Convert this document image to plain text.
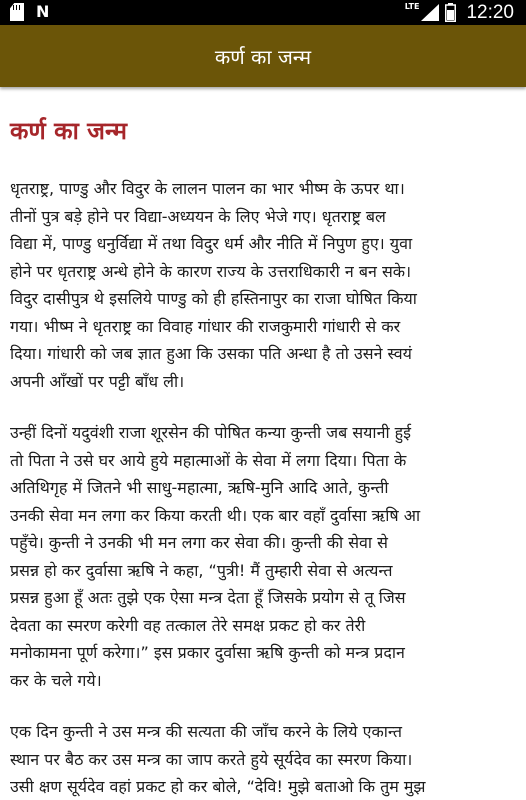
N	LTE 12:20
कर्ण का जन्म
कर्ण का जन्म

धृतराष्ट्र, पाण्डु और विदुर के लालन पालन का भार भीष्म के ऊपर था।
तीनों पुत्र बड़े होने पर विद्या-अध्ययन के लिए भेजे गए। धृतराष्ट्र बल
विद्या में, पाण्डु धनुर्विद्या में तथा विदुर धर्म और नीति में निपुण हुए। युवा
होने पर धृतराष्ट्र अन्धे होने के कारण राज्य के उत्तराधिकारी न बन सके।
विदुर दासीपुत्र थे इसलिये पाण्डु को ही हस्तिनापुर का राजा घोषित किया
गया। भीष्म ने धृतराष्ट्र का विवाह गांधार की राजकुमारी गांधारी से कर
दिया। गांधारी को जब ज्ञात हुआ कि उसका पति अन्धा है तो उसने स्वयं
अपनी आँखों पर पट्टी बाँध ली।

उन्हीं दिनों यदुवंशी राजा शूरसेन की पोषित कन्या कुन्ती जब सयानी हुई
तो पिता ने उसे घर आये हुये महात्माओं के सेवा में लगा दिया। पिता के
अतिथिगृह में जितने भी साधु-महात्मा, ऋषि-मुनि आदि आते, कुन्ती
उनकी सेवा मन लगा कर किया करती थी। एक बार वहाँ दुर्वासा ऋषि आ
पहुँचे। कुन्ती ने उनकी भी मन लगा कर सेवा की। कुन्ती की सेवा से
प्रसन्न हो कर दुर्वासा ऋषि ने कहा, “पुत्री! मैं तुम्हारी सेवा से अत्यन्त
प्रसन्न हुआ हूँ अतः तुझे एक ऐसा मन्त्र देता हूँ जिसके प्रयोग से तू जिस
देवता का स्मरण करेगी वह तत्काल तेरे समक्ष प्रकट हो कर तेरी
मनोकामना पूर्ण करेगा।” इस प्रकार दुर्वासा ऋषि कुन्ती को मन्त्र प्रदान
कर के चले गये।

एक दिन कुन्ती ने उस मन्त्र की सत्यता की जाँच करने के लिये एकान्त
स्थान पर बैठ कर उस मन्त्र का जाप करते हुये सूर्यदेव का स्मरण किया।
उसी क्षण सूर्यदेव वहां प्रकट हो कर बोले, “देवि! मुझे बताओ कि तुम मुझ
